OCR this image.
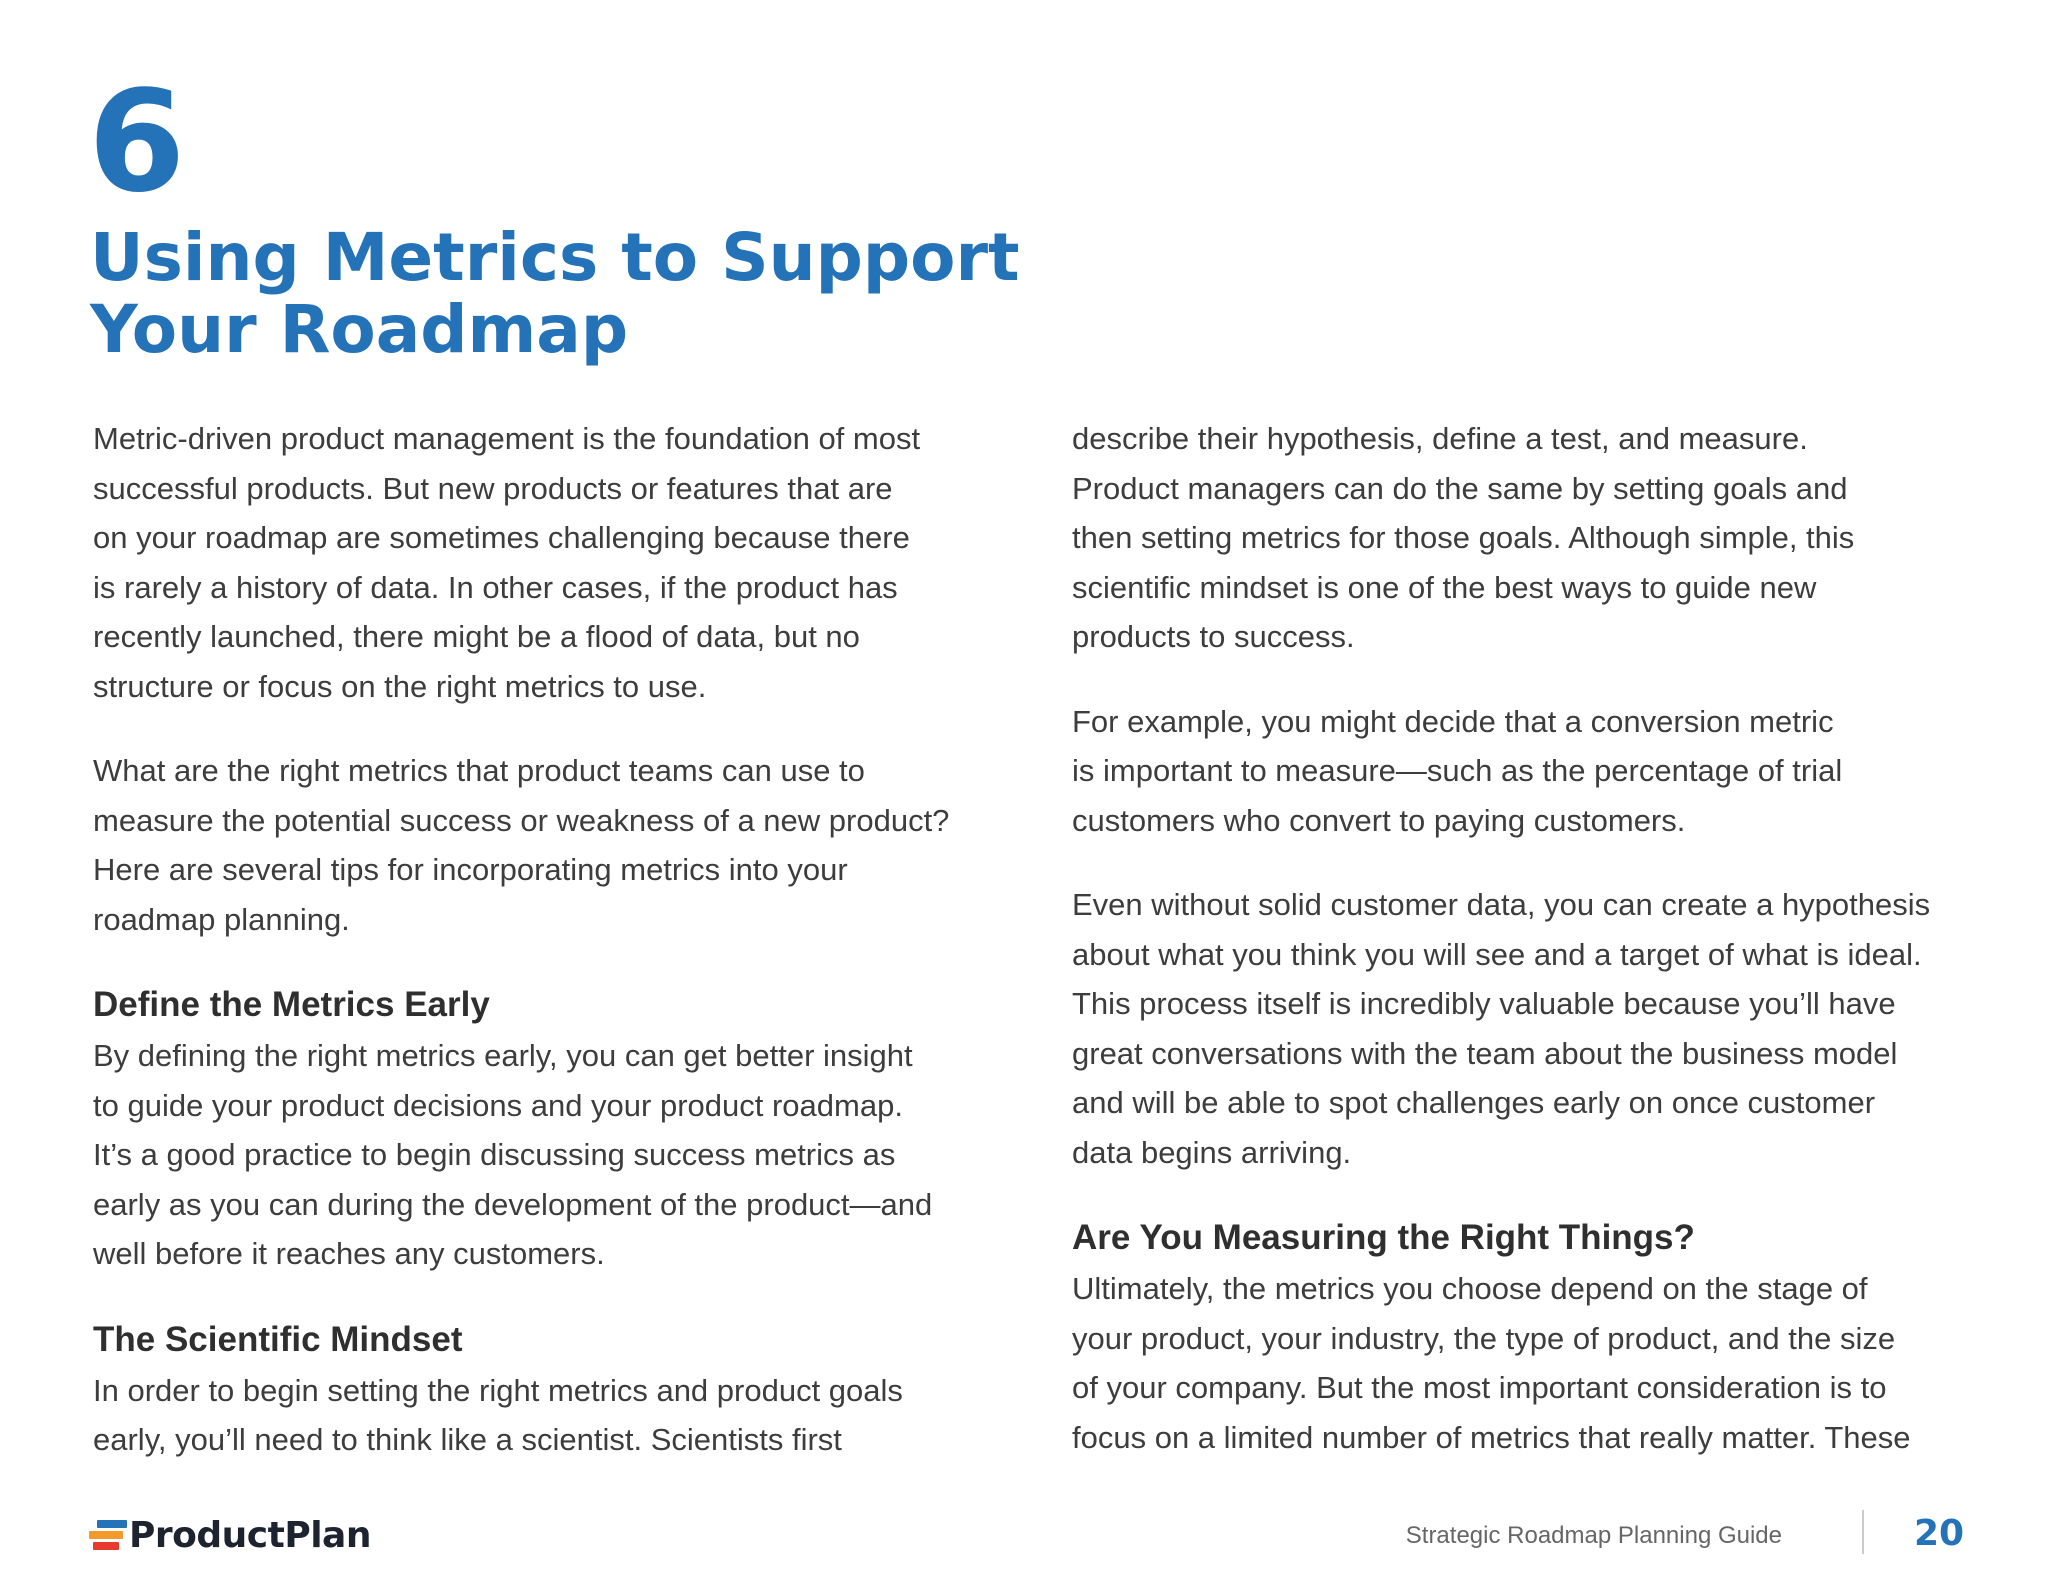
6
Using Metrics to Support
Your Roadmap

Metric-driven product management is the foundation of most
successful products. But new products or features that are
on your roadmap are sometimes challenging because there
is rarely a history of data. In other cases, if the product has
recently launched, there might be a flood of data, but no
structure or focus on the right metrics to use.

What are the right metrics that product teams can use to
measure the potential success or weakness of a new product?
Here are several tips for incorporating metrics into your
roadmap planning.

Define the Metrics Early

By defining the right metrics early, you can get better insight
to guide your product decisions and your product roadmap.
It’s a good practice to begin discussing success metrics as
early as you can during the development of the product—and
well before it reaches any customers.

The Scientific Mindset

In order to begin setting the right metrics and product goals
early, you’ll need to think like a scientist. Scientists first

describe their hypothesis, define a test, and measure.
Product managers can do the same by setting goals and
then setting metrics for those goals. Although simple, this
scientific mindset is one of the best ways to guide new
products to success.

For example, you might decide that a conversion metric
is important to measure—such as the percentage of trial
customers who convert to paying customers.

Even without solid customer data, you can create a hypothesis
about what you think you will see and a target of what is ideal.
This process itself is incredibly valuable because you’ll have
great conversations with the team about the business model
and will be able to spot challenges early on once customer
data begins arriving.

Are You Measuring the Right Things?

Ultimately, the metrics you choose depend on the stage of
your product, your industry, the type of product, and the size
of your company. But the most important consideration is to
focus on a limited number of metrics that really matter. These

ProductPlan	Strategic Roadmap Planning Guide	20
